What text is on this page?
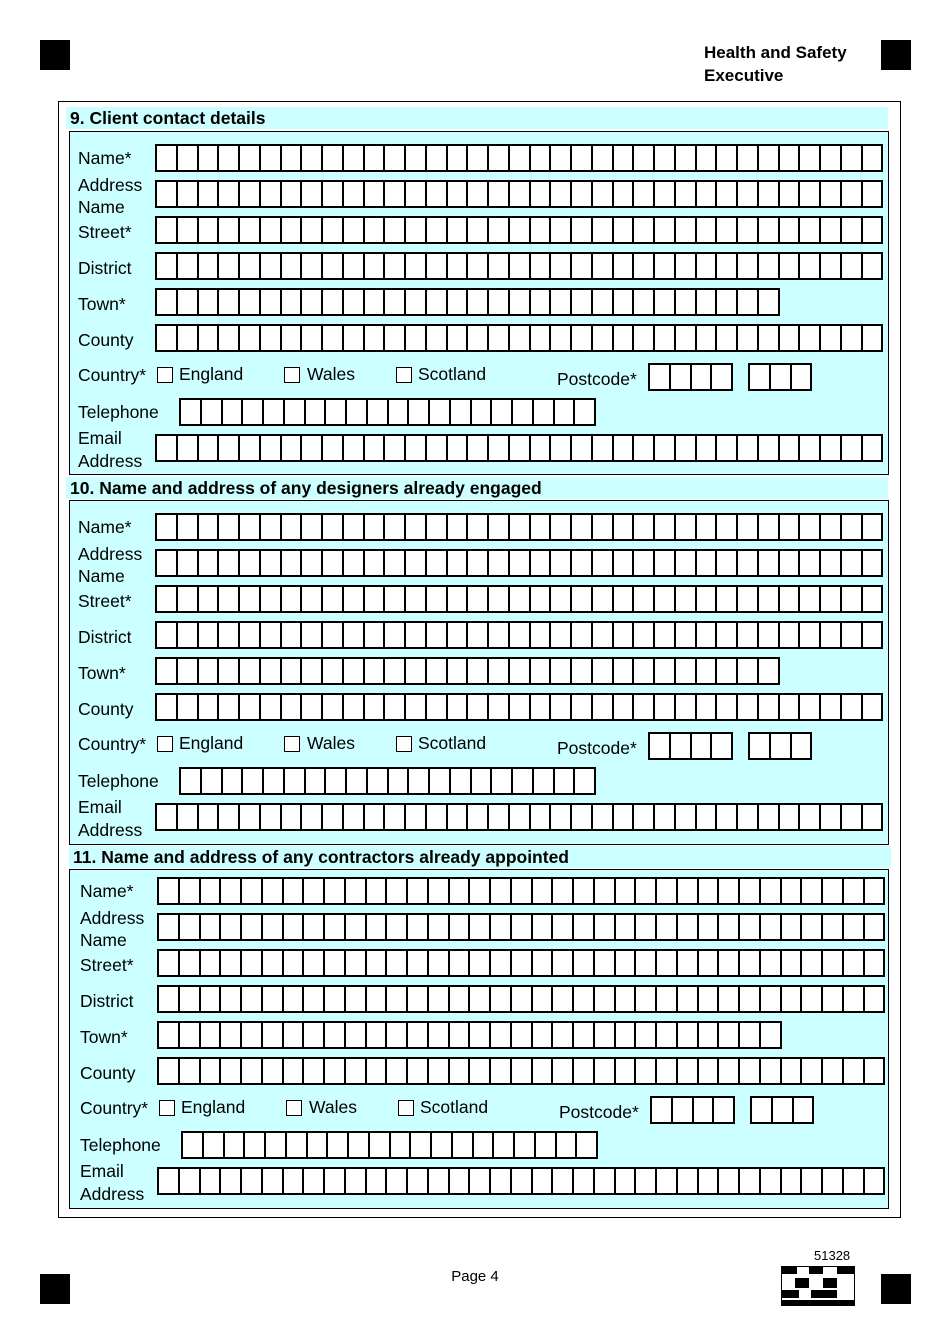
Health and Safety
Executive
9. Client contact details
Name*
Address
Name
Street*
District
Town*
County
Country* England	Wales	Scotland	Postcode*
Telephone
Email
Address
10. Name and address of any designers already engaged
Name*
Address
Name
Street*
District
Town*
County
Country* England	Wales	Scotland	Postcode*
Telephone
Email
Address
11. Name and address of any contractors already appointed
Name*
Address
Name
Street*
District
Town*
County
Country* England	Wales	Scotland	Postcode*
Telephone
Email
Address
51328
Page 4
